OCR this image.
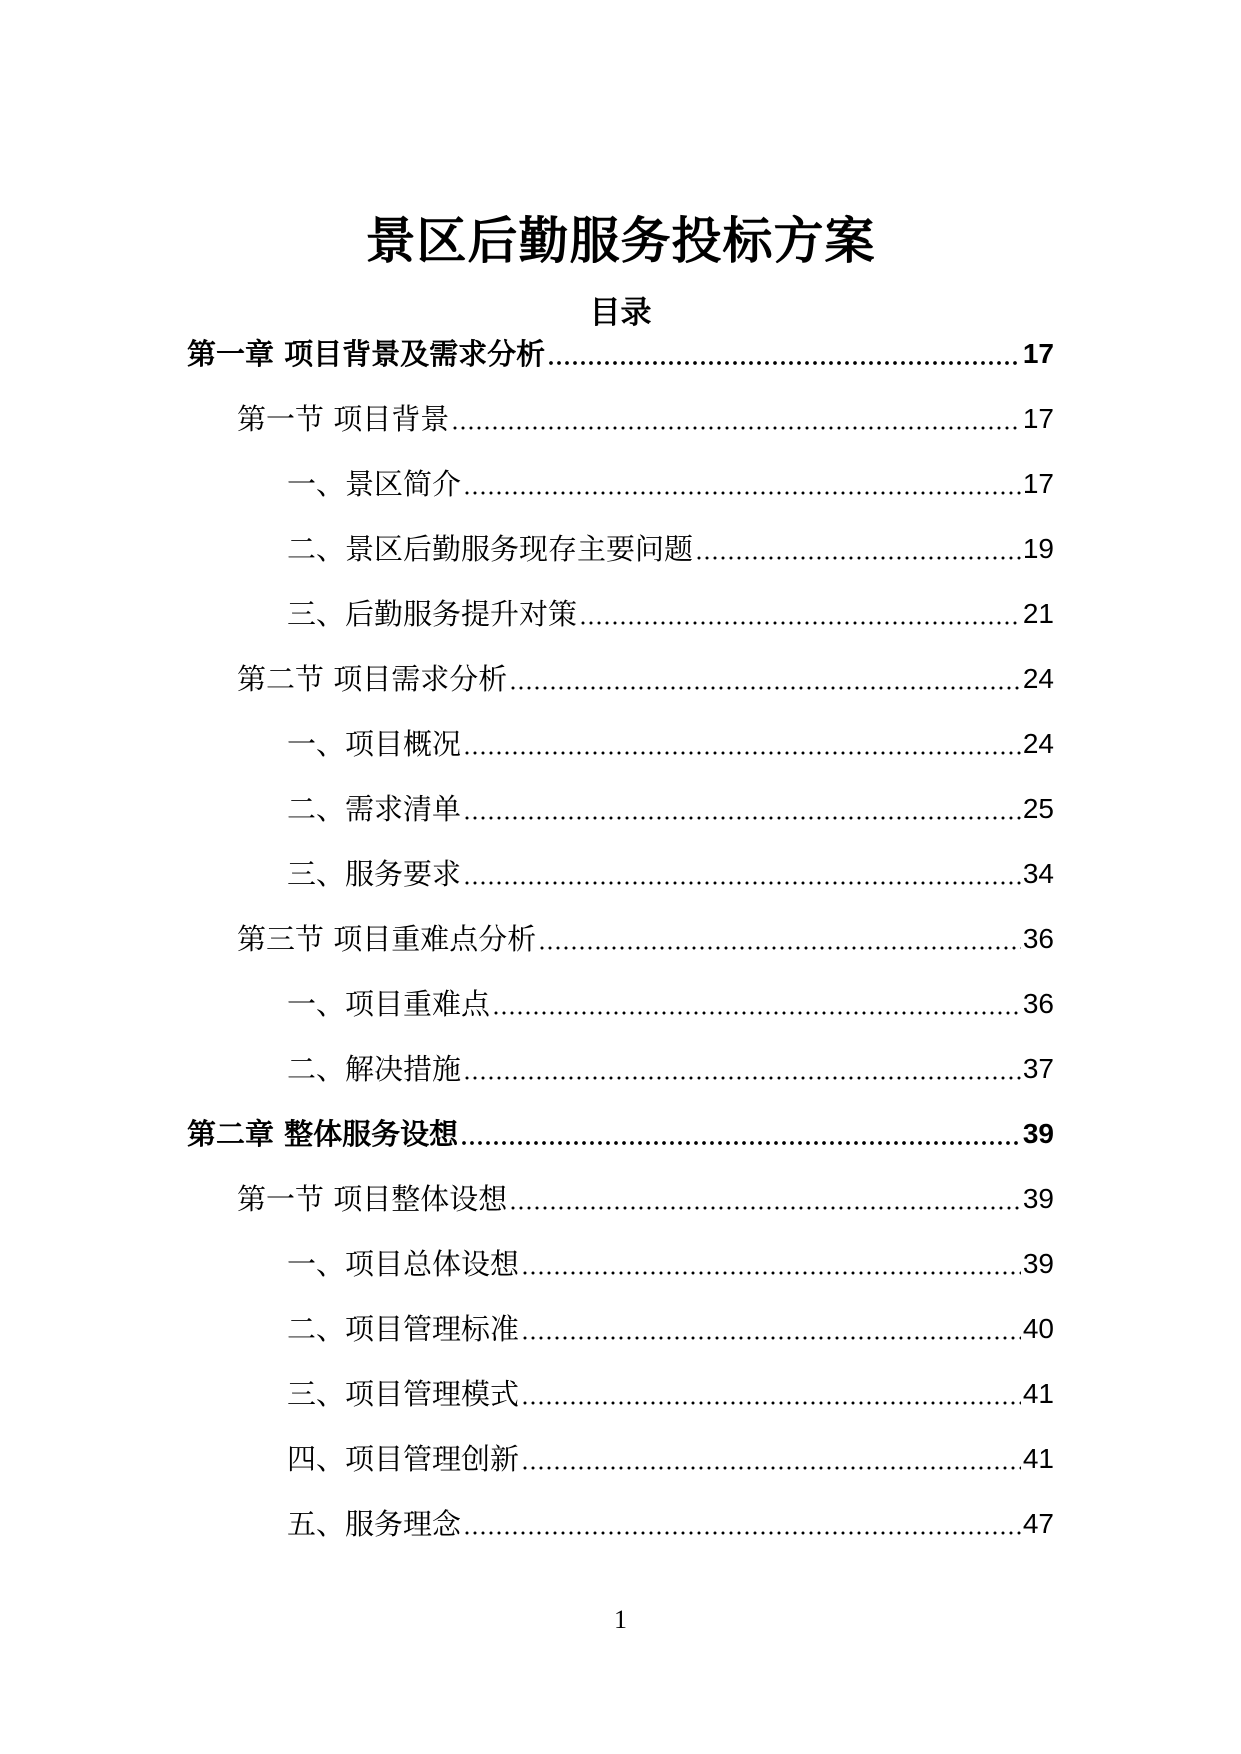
景区后勤服务投标方案
目录
第一章 项目背景及需求分析	17
第一节 项目背景	17
一、景区简介	17
二、景区后勤服务现存主要问题	19
三、后勤服务提升对策	21
第二节 项目需求分析	24
一、项目概况	24
二、需求清单	25
三、服务要求	34
第三节 项目重难点分析	36
一、项目重难点	36
二、解决措施	37
第二章 整体服务设想	39
第一节 项目整体设想	39
一、项目总体设想	39
二、项目管理标准	40
三、项目管理模式	41
四、项目管理创新	41
五、服务理念	47
1
